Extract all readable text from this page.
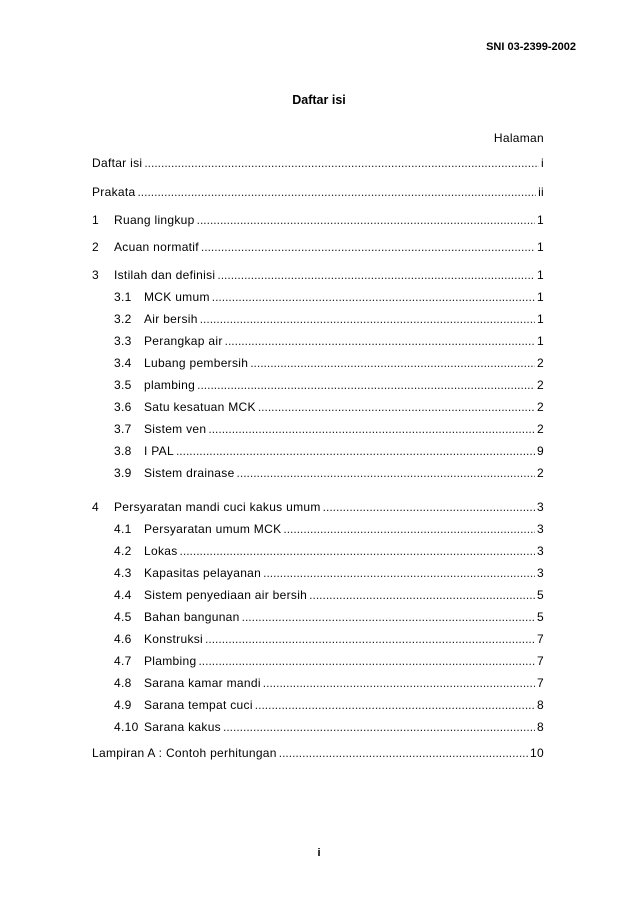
SNI 03-2399-2002
Daftar isi
Halaman
Daftar isi .....	i
Prakata .....	ii
1	Ruang lingkup .....	1
2	Acuan normatif .....	1
3	Istilah dan definisi .....	1
3.1	MCK umum .....	1
3.2	Air bersih .....	1
3.3	Perangkap air .....	1
3.4	Lubang pembersih .....	2
3.5	plambing .....	2
3.6	Satu kesatuan MCK .....	2
3.7	Sistem ven .....	2
3.8	I PAL .....	9
3.9	Sistem drainase .....	2
4	Persyaratan mandi cuci kakus umum .....	3
4.1	Persyaratan umum MCK .....	3
4.2	Lokas .....	3
4.3	Kapasitas pelayanan .....	3
4.4	Sistem penyediaan air bersih .....	5
4.5	Bahan bangunan .....	5
4.6	Konstruksi .....	7
4.7	Plambing .....	7
4.8	Sarana kamar mandi .....	7
4.9	Sarana tempat cuci .....	8
4.10 Sarana kakus .....	8
Lampiran A : Contoh perhitungan .....	10
i
